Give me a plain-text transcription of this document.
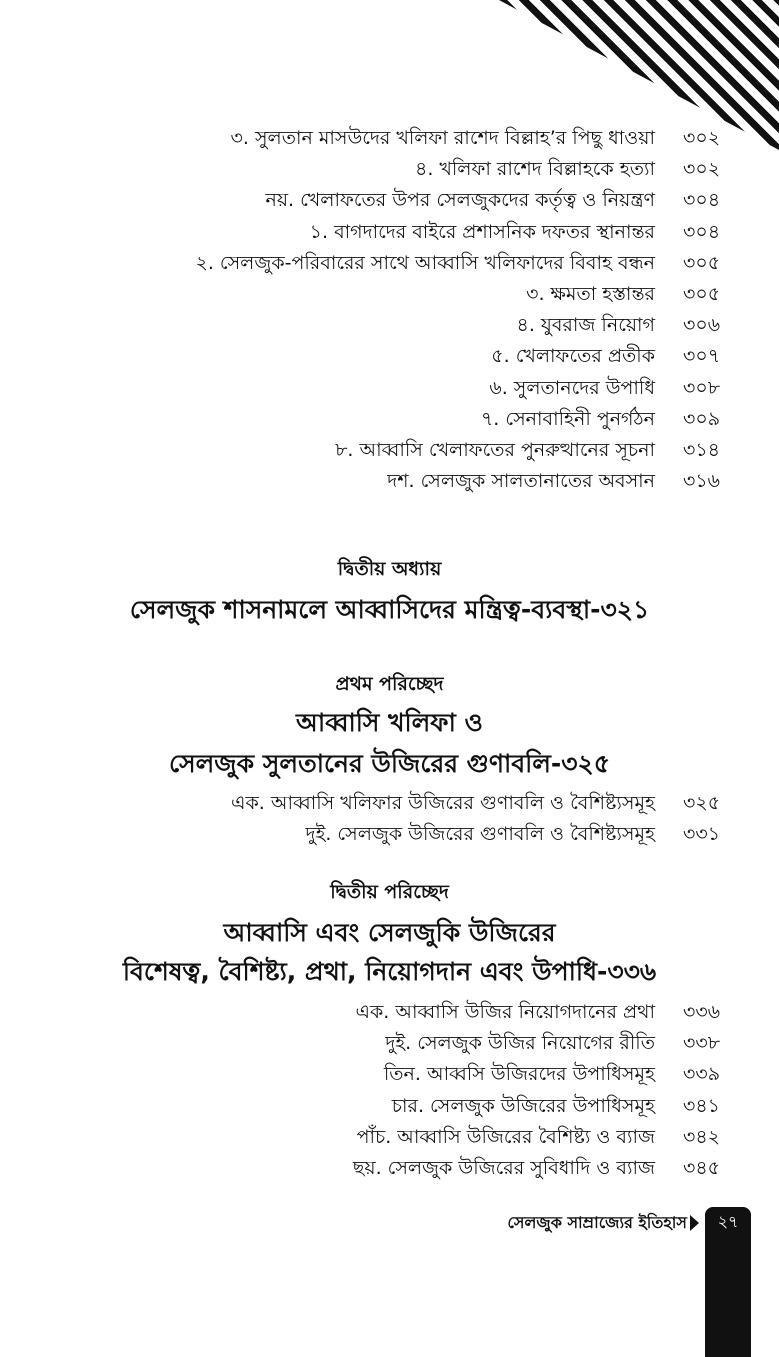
৩. সুলতান মাসউদের খলিফা রাশেদ বিল্লাহ’র পিছু ধাওয়া ৩০২
৪. খলিফা রাশেদ বিল্লাহকে হত্যা ৩০২
নয়. খেলাফতের উপর সেলজুকদের কর্তৃত্ব ও নিয়ন্ত্রণ ৩০৪
১. বাগদাদের বাইরে প্রশাসনিক দফতর স্থানান্তর ৩০৪
২. সেলজুক-পরিবারের সাথে আব্বাসি খলিফাদের বিবাহ বন্ধন ৩০৫
৩. ক্ষমতা হস্তান্তর ৩০৫
৪. যুবরাজ নিয়োগ ৩০৬
৫. খেলাফতের প্রতীক ৩০৭
৬. সুলতানদের উপাধি ৩০৮
৭. সেনাবাহিনী পুনর্গঠন ৩০৯
৮. আব্বাসি খেলাফতের পুনরুত্থানের সূচনা ৩১৪
দশ. সেলজুক সালতানাতের অবসান ৩১৬
দ্বিতীয় অধ্যায়
সেলজুক শাসনামলে আব্বাসিদের মন্ত্রিত্ব-ব্যবস্থা-৩২১
প্রথম পরিচ্ছেদ
আব্বাসি খলিফা ও
সেলজুক সুলতানের উজিরের গুণাবলি-৩২৫
এক. আব্বাসি খলিফার উজিরের গুণাবলি ও বৈশিষ্ট্যসমূহ ৩২৫
দুই. সেলজুক উজিরের গুণাবলি ও বৈশিষ্ট্যসমূহ ৩৩১
দ্বিতীয় পরিচ্ছেদ
আব্বাসি এবং সেলজুকি উজিরের
বিশেষত্ব, বৈশিষ্ট্য, প্রথা, নিয়োগদান এবং উপাধি-৩৩৬
এক. আব্বাসি উজির নিয়োগদানের প্রথা ৩৩৬
দুই. সেলজুক উজির নিয়োগের রীতি ৩৩৮
তিন. আব্বসি উজিরদের উপাধিসমূহ ৩৩৯
চার. সেলজুক উজিরের উপাধিসমূহ ৩৪১
পাঁচ. আব্বাসি উজিরের বৈশিষ্ট্য ও ব্যাজ ৩৪২
ছয়. সেলজুক উজিরের সুবিধাদি ও ব্যাজ ৩৪৫
সেলজুক সাম্রাজ্যের ইতিহাস	২৭
